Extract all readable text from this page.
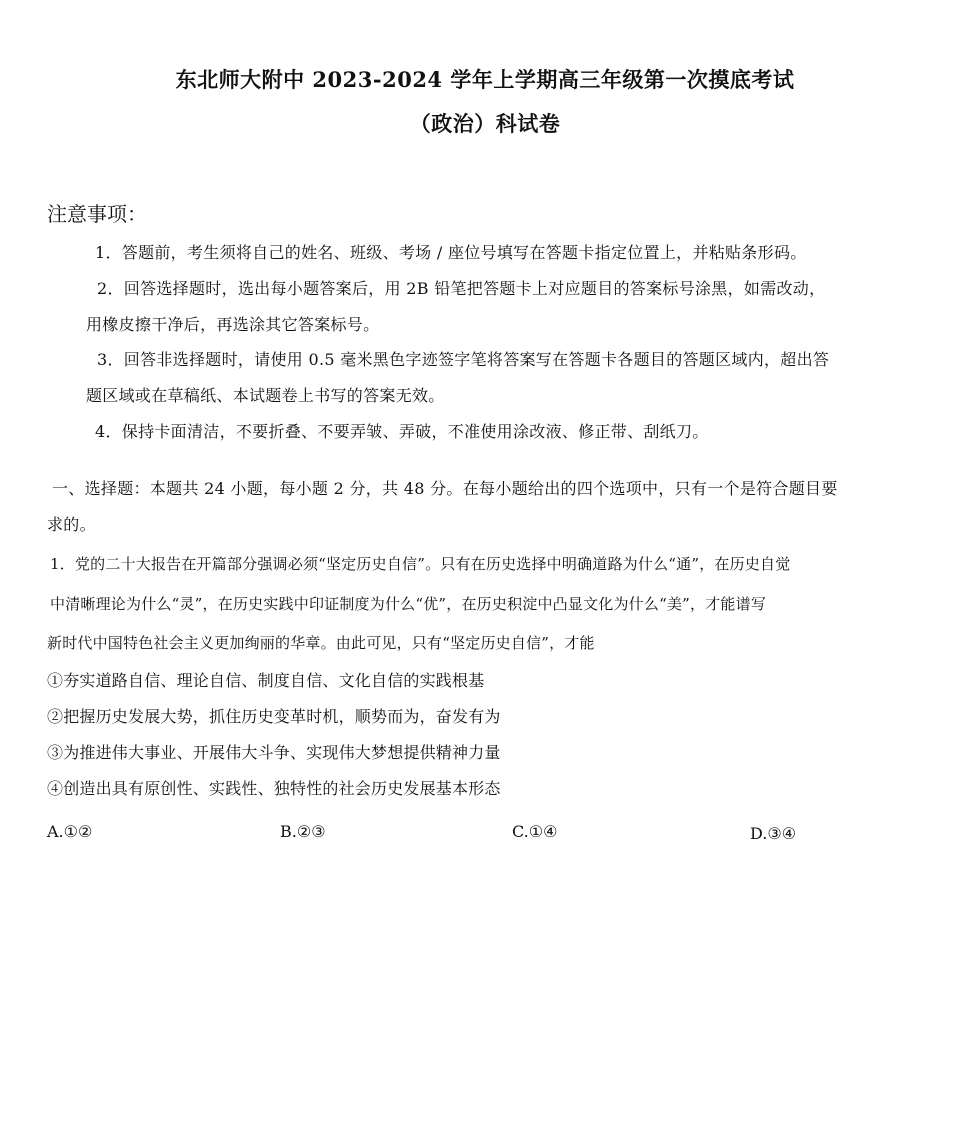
东北师大附中 2023-2024 学年上学期高三年级第一次摸底考试
（政治）科试卷
注意事项：
1．答题前，考生须将自己的姓名、班级、考场 / 座位号填写在答题卡指定位置上，并粘贴条形码。
2．回答选择题时，选出每小题答案后，用 2B 铅笔把答题卡上对应题目的答案标号涂黑，如需改动，
用橡皮擦干净后，再选涂其它答案标号。
3．回答非选择题时，请使用 0.5 毫米黑色字迹签字笔将答案写在答题卡各题目的答题区域内，超出答
题区域或在草稿纸、本试题卷上书写的答案无效。
4．保持卡面清洁，不要折叠、不要弄皱、弄破，不准使用涂改液、修正带、刮纸刀。
一、选择题：本题共 24 小题，每小题 2 分，共 48 分。在每小题给出的四个选项中，只有一个是符合题目要
求的。
1．党的二十大报告在开篇部分强调必须“坚定历史自信”。只有在历史选择中明确道路为什么“通”，在历史自觉
中清晰理论为什么“灵”，在历史实践中印证制度为什么“优”，在历史积淀中凸显文化为什么“美”，才能谱写
新时代中国特色社会主义更加绚丽的华章。由此可见，只有“坚定历史自信”，才能
①夯实道路自信、理论自信、制度自信、文化自信的实践根基
②把握历史发展大势，抓住历史变革时机，顺势而为，奋发有为
③为推进伟大事业、开展伟大斗争、实现伟大梦想提供精神力量
④创造出具有原创性、实践性、独特性的社会历史发展基本形态
A.①②	B.②③	C.①④	D.③④
